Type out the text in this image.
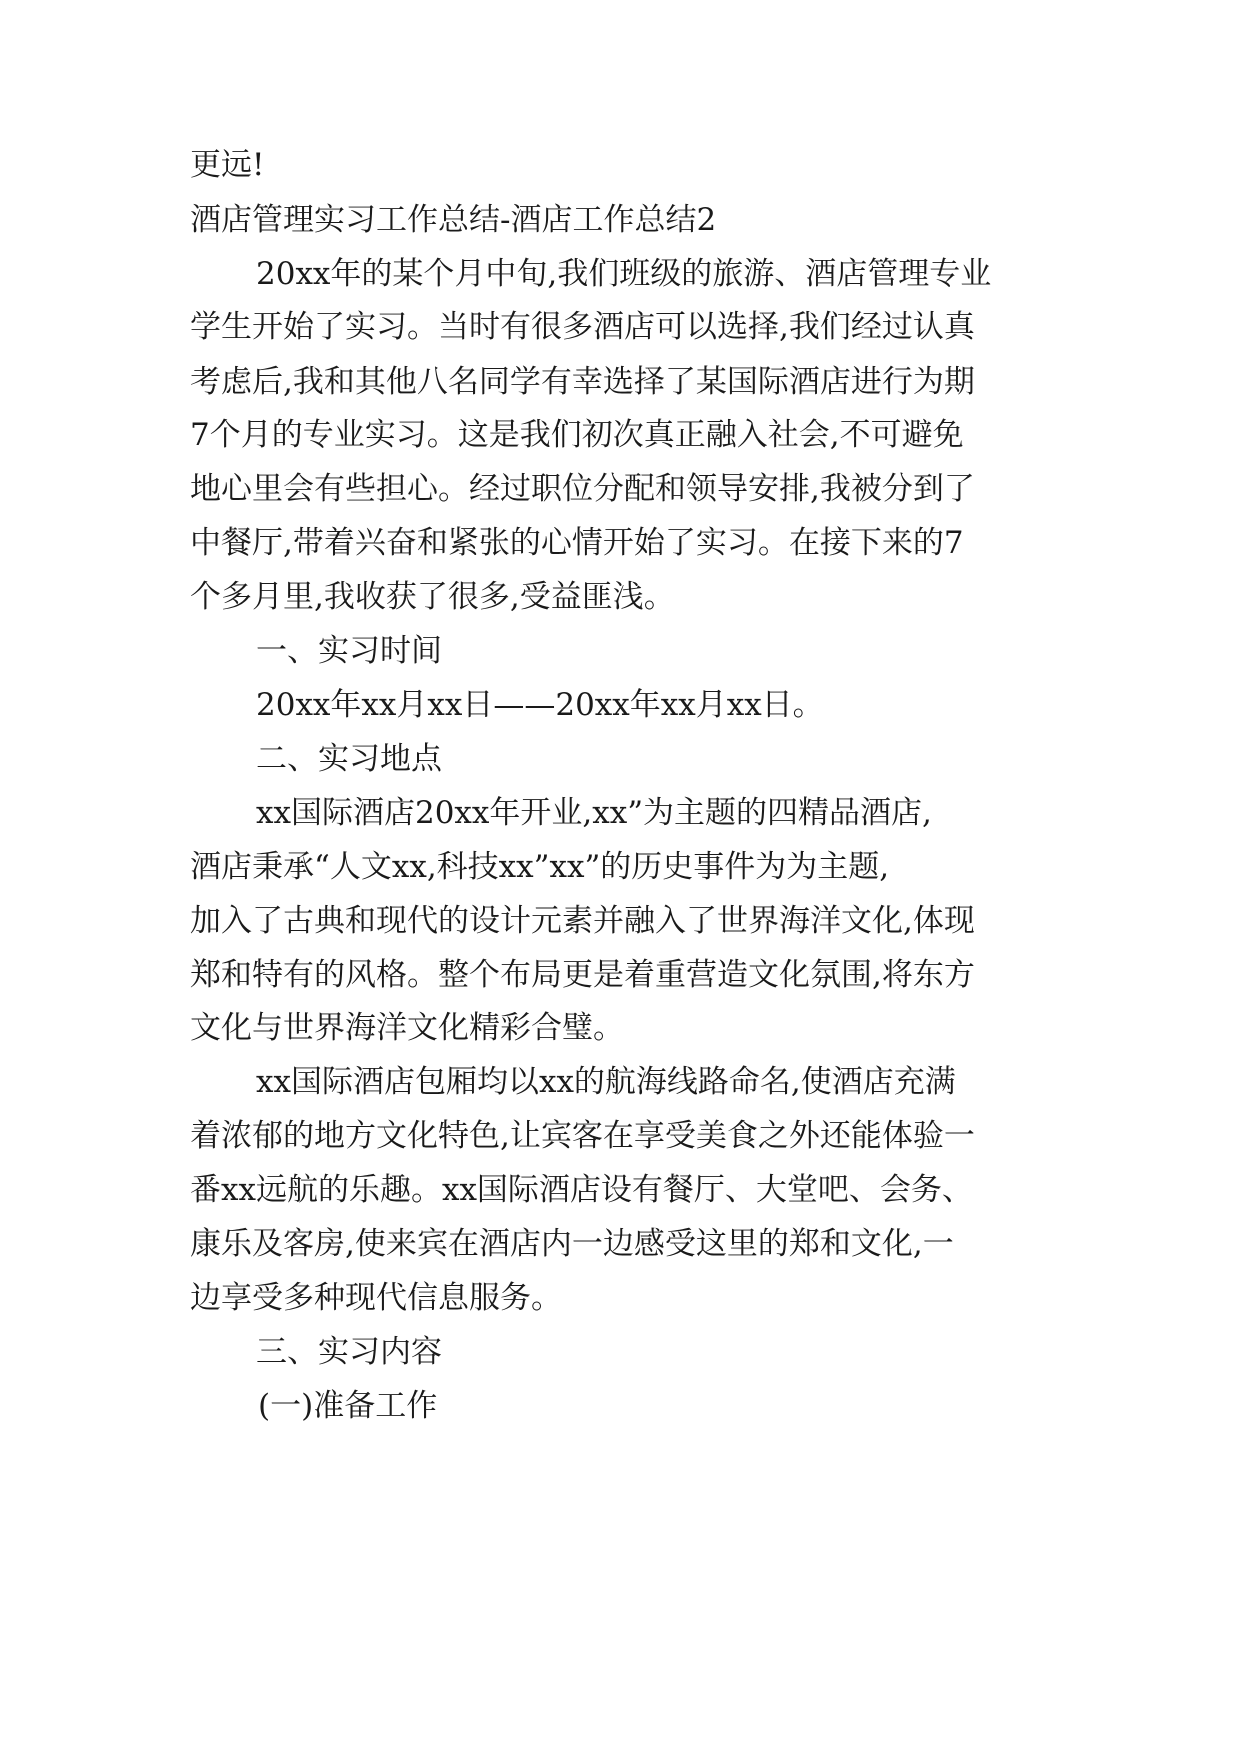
更远!

酒店管理实习工作总结-酒店工作总结2

20xx年的某个月中旬,我们班级的旅游、酒店管理专业

学生开始了实习。当时有很多酒店可以选择,我们经过认真

考虑后,我和其他八名同学有幸选择了某国际酒店进行为期

7个月的专业实习。这是我们初次真正融入社会,不可避免

地心里会有些担心。经过职位分配和领导安排,我被分到了

中餐厅,带着兴奋和紧张的心情开始了实习。在接下来的7

个多月里,我收获了很多,受益匪浅。

一、实习时间

20xx年xx月xx日——20xx年xx月xx日。

二、实习地点

xx国际酒店20xx年开业,xx”为主题的四精品酒店,

酒店秉承“人文xx,科技xx”xx”的历史事件为为主题,

加入了古典和现代的设计元素并融入了世界海洋文化,体现

郑和特有的风格。整个布局更是着重营造文化氛围,将东方

文化与世界海洋文化精彩合璧。

xx国际酒店包厢均以xx的航海线路命名,使酒店充满

着浓郁的地方文化特色,让宾客在享受美食之外还能体验一

番xx远航的乐趣。xx国际酒店设有餐厅、大堂吧、会务、

康乐及客房,使来宾在酒店内一边感受这里的郑和文化,一

边享受多种现代信息服务。

三、实习内容

(一)准备工作
